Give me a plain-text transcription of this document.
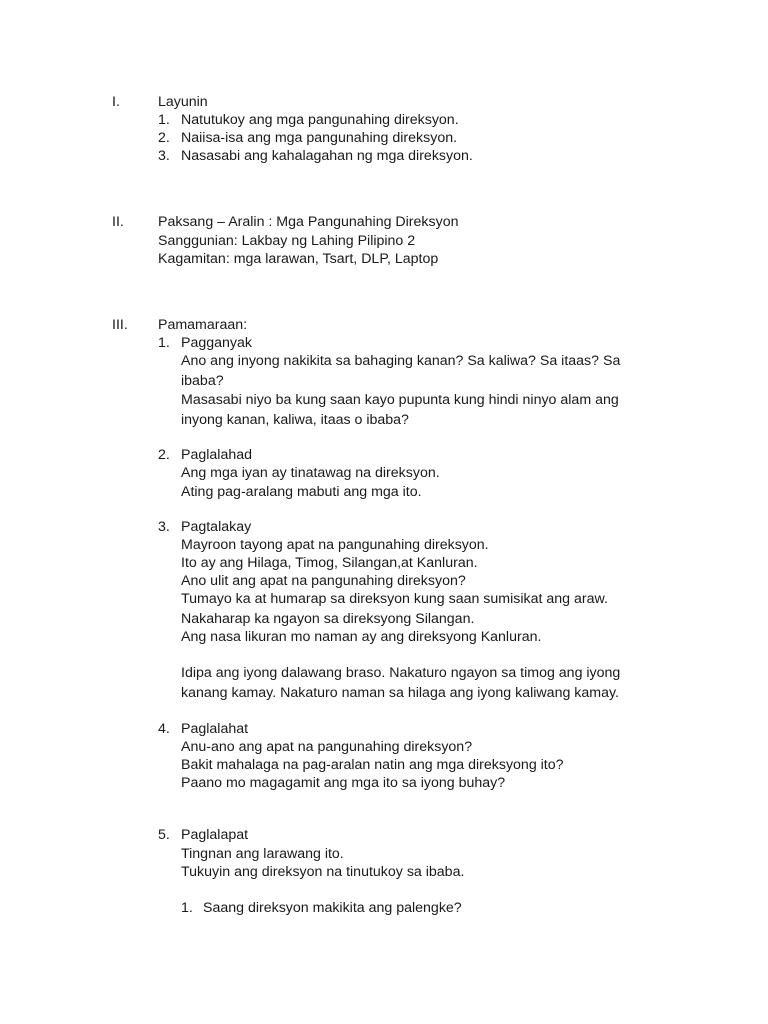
I.	Layunin
1. Natutukoy ang mga pangunahing direksyon.
2. Naiisa-isa ang mga pangunahing direksyon.
3. Nasasabi ang kahalagahan ng mga direksyon.
II. Paksang – Aralin : Mga Pangunahing Direksyon
Sanggunian: Lakbay ng Lahing Pilipino 2
Kagamitan: mga larawan, Tsart, DLP, Laptop
III. Pamamaraan:
1. Pagganyak
Ano ang inyong nakikita sa bahaging kanan? Sa kaliwa? Sa itaas? Sa
ibaba?
Masasabi niyo ba kung saan kayo pupunta kung hindi ninyo alam ang
inyong kanan, kaliwa, itaas o ibaba?
2. Paglalahad
Ang mga iyan ay tinatawag na direksyon.
Ating pag-aralang mabuti ang mga ito.
3. Pagtalakay
Mayroon tayong apat na pangunahing direksyon.
Ito ay ang Hilaga, Timog, Silangan,at Kanluran.
Ano ulit ang apat na pangunahing direksyon?
Tumayo ka at humarap sa direksyon kung saan sumisikat ang araw.
Nakaharap ka ngayon sa direksyong Silangan.
Ang nasa likuran mo naman ay ang direksyong Kanluran.
Idipa ang iyong dalawang braso. Nakaturo ngayon sa timog ang iyong
kanang kamay. Nakaturo naman sa hilaga ang iyong kaliwang kamay.
4. Paglalahat
Anu-ano ang apat na pangunahing direksyon?
Bakit mahalaga na pag-aralan natin ang mga direksyong ito?
Paano mo magagamit ang mga ito sa iyong buhay?
5. Paglalapat
Tingnan ang larawang ito.
Tukuyin ang direksyon na tinutukoy sa ibaba.
1. Saang direksyon makikita ang palengke?
